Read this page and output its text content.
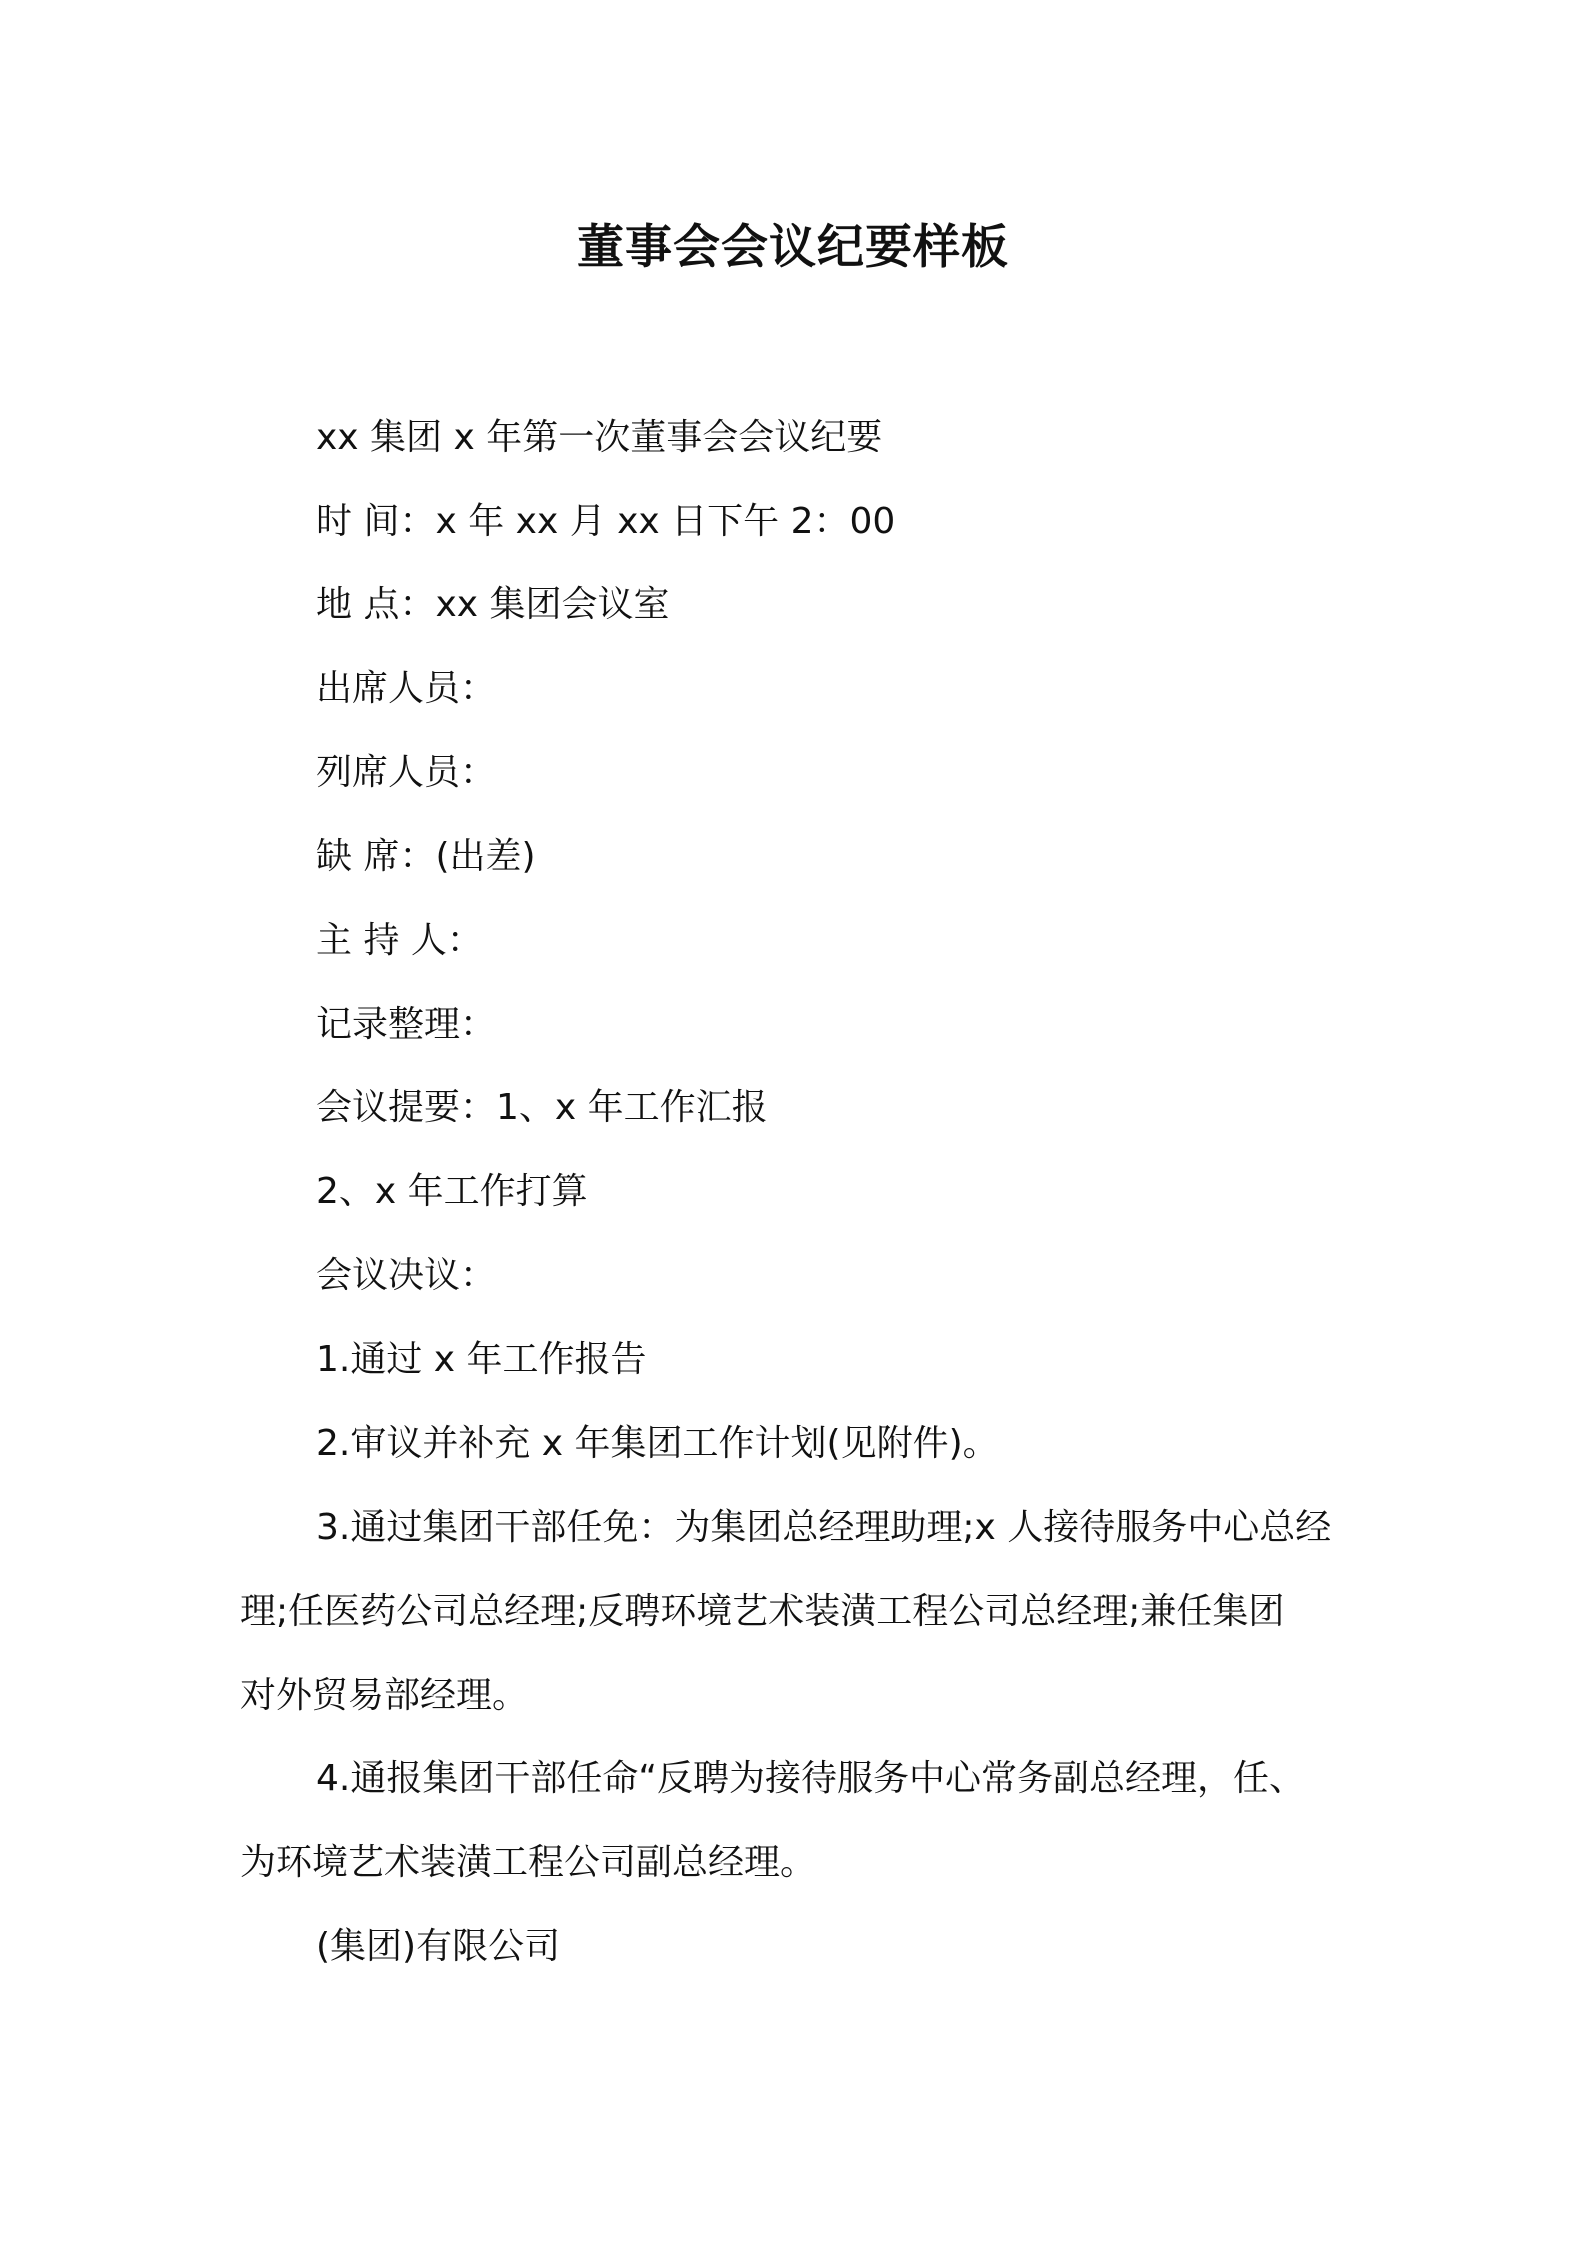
董事会会议纪要样板
xx 集团 x 年第一次董事会会议纪要
时 间：x 年 xx 月 xx 日下午 2：00
地 点：xx 集团会议室
出席人员：
列席人员：
缺 席：(出差)
主 持 人：
记录整理：
会议提要：1、x 年工作汇报
2、x 年工作打算
会议决议：
1.通过 x 年工作报告
2.审议并补充 x 年集团工作计划(见附件)。
3.通过集团干部任免：为集团总经理助理;x 人接待服务中心总经
理;任医药公司总经理;反聘环境艺术装潢工程公司总经理;兼任集团
对外贸易部经理。
4.通报集团干部任命“反聘为接待服务中心常务副总经理，任、
为环境艺术装潢工程公司副总经理。
(集团)有限公司
